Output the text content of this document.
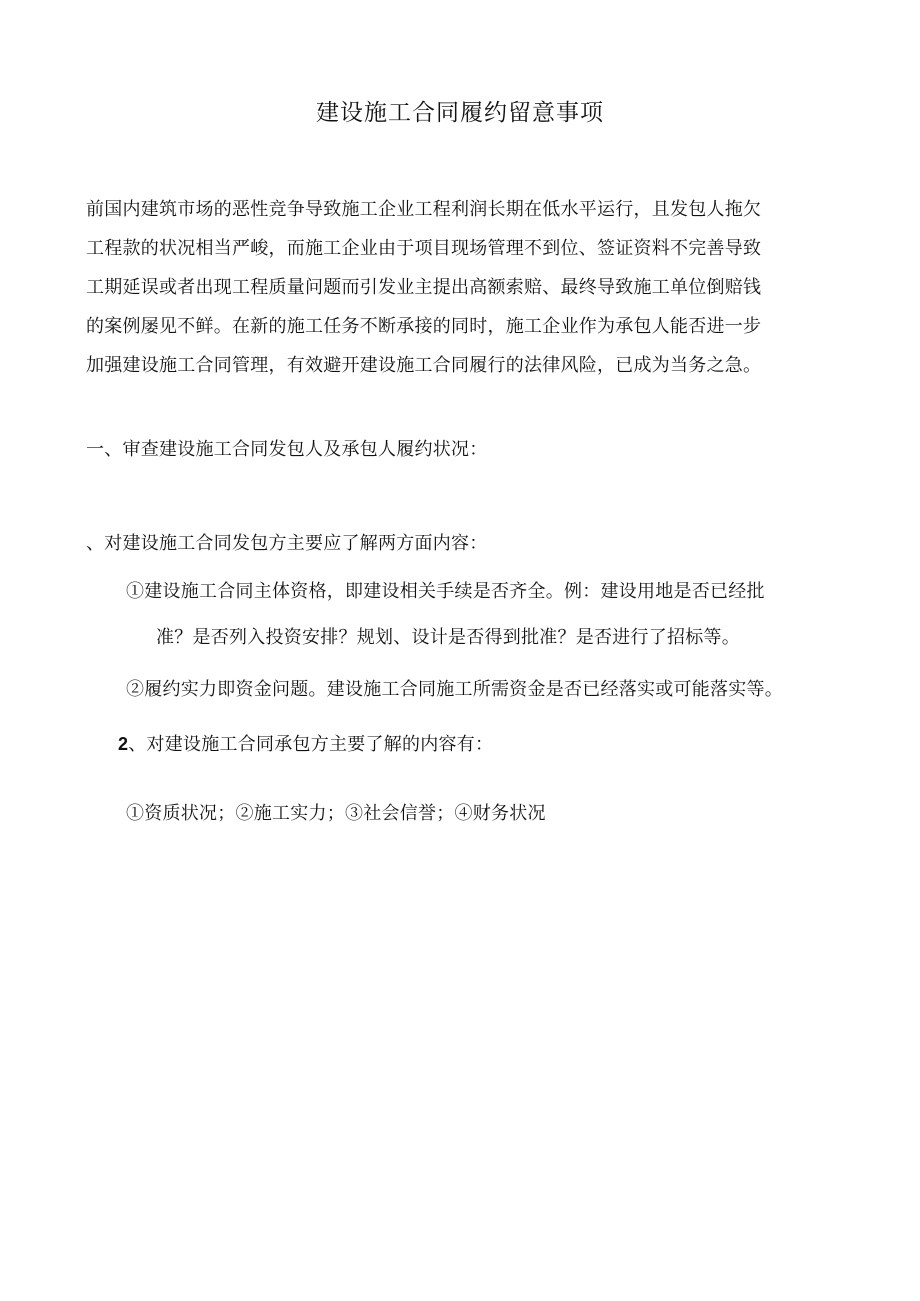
建设施工合同履约留意事项
前国内建筑市场的恶性竞争导致施工企业工程利润长期在低水平运行，且发包人拖欠
工程款的状况相当严峻，而施工企业由于项目现场管理不到位、签证资料不完善导致
工期延误或者出现工程质量问题而引发业主提出高额索赔、最终导致施工单位倒赔钱
的案例屡见不鲜。在新的施工任务不断承接的同时，施工企业作为承包人能否进一步
加强建设施工合同管理，有效避开建设施工合同履行的法律风险，已成为当务之急。
一、审查建设施工合同发包人及承包人履约状况：
、对建设施工合同发包方主要应了解两方面内容：
①建设施工合同主体资格，即建设相关手续是否齐全。例：建设用地是否已经批
准？是否列入投资安排？规划、设计是否得到批准？是否进行了招标等。
②履约实力即资金问题。建设施工合同施工所需资金是否已经落实或可能落实等。
2、对建设施工合同承包方主要了解的内容有：
①资质状况；②施工实力；③社会信誉；④财务状况
